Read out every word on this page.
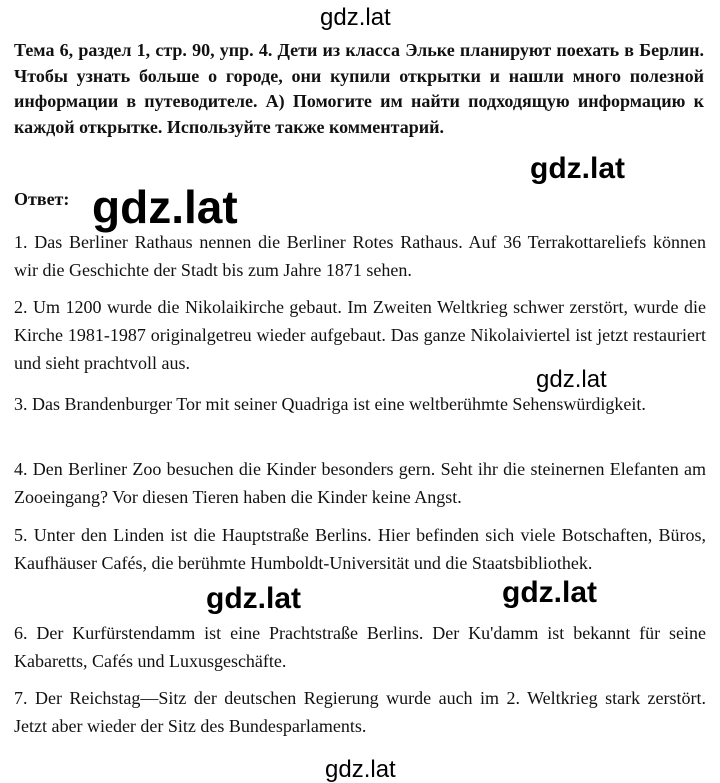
gdz.lat

Тема 6, раздел 1, стр. 90, упр. 4. Дети из класса Эльке планируют поехать в Берлин. Чтобы узнать больше о городе, они купили открытки и нашли много полезной информации в путеводителе. А) Помогите им найти подходящую информацию к каждой открытке. Используйте также комментарий.

gdz.lat

Ответ:

1. Das Berliner Rathaus nennen die Berliner Rotes Rathaus. Auf 36 Terrakottareliefs können wir die Geschichte der Stadt bis zum Jahre 1871 sehen.

2. Um 1200 wurde die Nikolaikirche gebaut. Im Zweiten Weltkrieg schwer zerstört, wurde die Kirche 1981-1987 originalgetreu wieder aufgebaut. Das ganze Nikolaiviertel ist jetzt restauriert und sieht prachtvoll aus.

3. Das Brandenburger Tor mit seiner Quadriga ist eine weltberühmte Sehenswürdigkeit.

4. Den Berliner Zoo besuchen die Kinder besonders gern. Seht ihr die steinernen Elefanten am Zooeingang? Vor diesen Tieren haben die Kinder keine Angst.

5. Unter den Linden ist die Hauptstraße Berlins. Hier befinden sich viele Botschaften, Büros, Kaufhäuser Cafés, die berühmte Humboldt-Universität und die Staatsbibliothek.

6. Der Kurfürstendamm ist eine Prachtstraße Berlins. Der Ku'damm ist bekannt für seine Kabaretts, Cafés und Luxusgeschäfte.

7. Der Reichstag—Sitz der deutschen Regierung wurde auch im 2. Weltkrieg stark zerstört. Jetzt aber wieder der Sitz des Bundesparlaments.

gdz.lat
gdz.lat
gdz.lat	gdz.lat
gdz.lat
